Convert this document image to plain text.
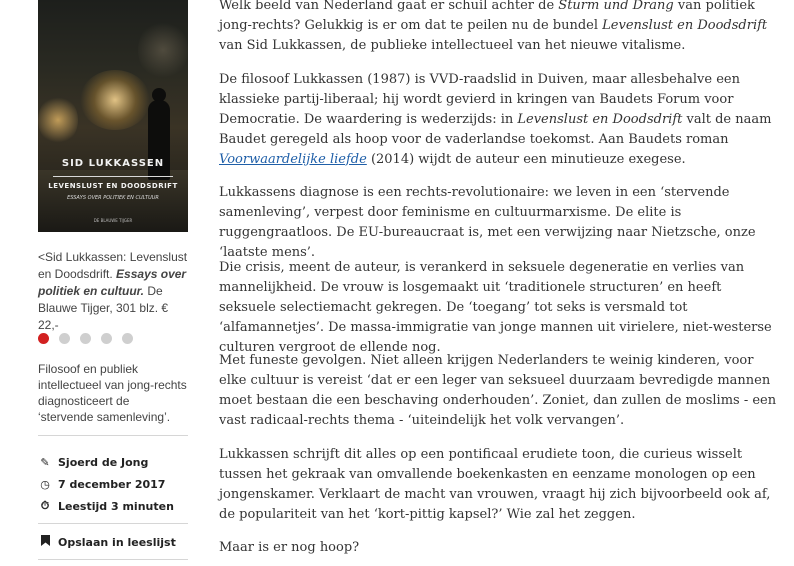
SID LUKKASSEN
LEVENSLUST EN DOODSDRIFT
ESSAYS OVER POLITIEK EN CULTUUR
DE BLAUWE TIJGER
<Sid Lukkassen: Levenslust en Doodsdrift. Essays over politiek en cultuur. De Blauwe Tijger, 301 blz. € 22,-

Filosoof en publiek intellectueel van jong-rechts diagnosticeert de ‘stervende samenleving’.
✎ Sjoerd de Jong
◷ 7 december 2017
⏱ Leestijd 3 minuten
Opslaan in leeslijst

Welk beeld van Nederland gaat er schuil achter de Sturm und Drang van politiek jong-rechts? Gelukkig is er om dat te peilen nu de bundel Levenslust en Doodsdrift van Sid Lukkassen, de publieke intellectueel van het nieuwe vitalisme.

De filosoof Lukkassen (1987) is VVD-raadslid in Duiven, maar allesbehalve een klassieke partij-liberaal; hij wordt gevierd in kringen van Baudets Forum voor Democratie. De waardering is wederzijds: in Levenslust en Doodsdrift valt de naam Baudet geregeld als hoop voor de vaderlandse toekomst. Aan Baudets roman Voorwaardelijke liefde (2014) wijdt de auteur een minutieuze exegese.

Lukkassens diagnose is een rechts-revolutionaire: we leven in een ‘stervende samenleving’, verpest door feminisme en cultuurmarxisme. De elite is ruggengraatloos. De EU-bureaucraat is, met een verwijzing naar Nietzsche, onze ‘laatste mens’.

Die crisis, meent de auteur, is verankerd in seksuele degeneratie en verlies van mannelijkheid. De vrouw is losgemaakt uit ‘traditionele structuren’ en heeft seksuele selectiemacht gekregen. De ‘toegang’ tot seks is versmald tot ‘alfamannetjes’. De massa-immigratie van jonge mannen uit virielere, niet-westerse culturen vergroot de ellende nog.

Met funeste gevolgen. Niet alleen krijgen Nederlanders te weinig kinderen, voor elke cultuur is vereist ‘dat er een leger van seksueel duurzaam bevredigde mannen moet bestaan die een beschaving onderhouden’. Zoniet, dan zullen de moslims - een vast radicaal-rechts thema - ‘uiteindelijk het volk vervangen’.

Lukkassen schrijft dit alles op een pontificaal erudiete toon, die curieus wisselt tussen het gekraak van omvallende boekenkasten en eenzame monologen op een jongenskamer. Verklaart de macht van vrouwen, vraagt hij zich bijvoorbeeld ook af, de populariteit van het ‘kort-pittig kapsel?’ Wie zal het zeggen.

Maar is er nog hoop?
